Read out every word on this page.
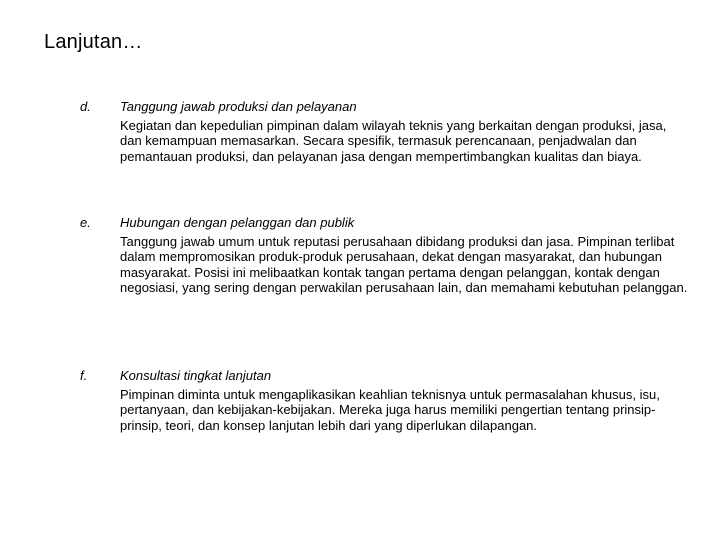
Lanjutan…
d. Tanggung jawab produksi dan pelayanan
Kegiatan dan kepedulian pimpinan dalam wilayah teknis yang berkaitan dengan produksi, jasa, dan kemampuan memasarkan. Secara spesifik, termasuk perencanaan, penjadwalan dan pemantauan produksi, dan pelayanan jasa dengan mempertimbangkan kualitas dan biaya.
e. Hubungan dengan pelanggan dan publik
Tanggung jawab umum untuk reputasi perusahaan dibidang produksi dan jasa. Pimpinan terlibat dalam mempromosikan produk-produk perusahaan, dekat dengan masyarakat, dan hubungan masyarakat. Posisi ini melibaatkan kontak tangan pertama dengan pelanggan, kontak dengan negosiasi, yang sering dengan perwakilan perusahaan lain, dan memahami kebutuhan pelanggan.
f.	Konsultasi tingkat lanjutan
Pimpinan diminta untuk mengaplikasikan keahlian teknisnya untuk permasalahan khusus, isu, pertanyaan, dan kebijakan-kebijakan. Mereka juga harus memiliki pengertian tentang prinsip-prinsip, teori, dan konsep lanjutan lebih dari yang diperlukan dilapangan.
